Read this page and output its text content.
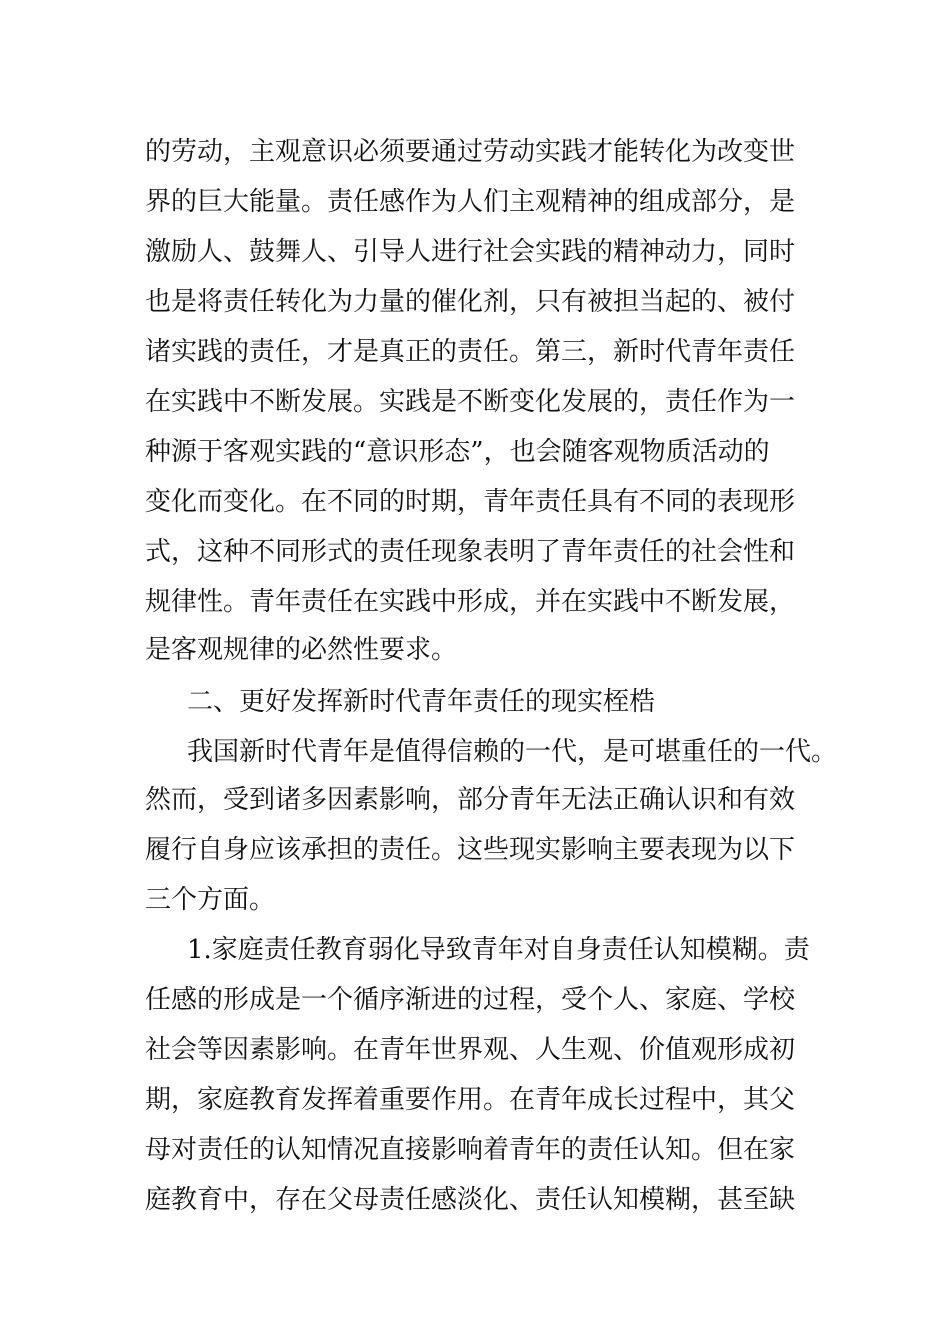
的劳动，主观意识必须要通过劳动实践才能转化为改变世
界的巨大能量。责任感作为人们主观精神的组成部分，是
激励人、鼓舞人、引导人进行社会实践的精神动力，同时
也是将责任转化为力量的催化剂，只有被担当起的、被付
诸实践的责任，才是真正的责任。第三，新时代青年责任
在实践中不断发展。实践是不断变化发展的，责任作为一
种源于客观实践的“意识形态”，也会随客观物质活动的
变化而变化。在不同的时期，青年责任具有不同的表现形
式，这种不同形式的责任现象表明了青年责任的社会性和
规律性。青年责任在实践中形成，并在实践中不断发展，
是客观规律的必然性要求。
二、更好发挥新时代青年责任的现实桎梏
我国新时代青年是值得信赖的一代，是可堪重任的一代。
然而，受到诸多因素影响，部分青年无法正确认识和有效
履行自身应该承担的责任。这些现实影响主要表现为以下
三个方面。
1.家庭责任教育弱化导致青年对自身责任认知模糊。责
任感的形成是一个循序渐进的过程，受个人、家庭、学校
社会等因素影响。在青年世界观、人生观、价值观形成初
期，家庭教育发挥着重要作用。在青年成长过程中，其父
母对责任的认知情况直接影响着青年的责任认知。但在家
庭教育中，存在父母责任感淡化、责任认知模糊，甚至缺
